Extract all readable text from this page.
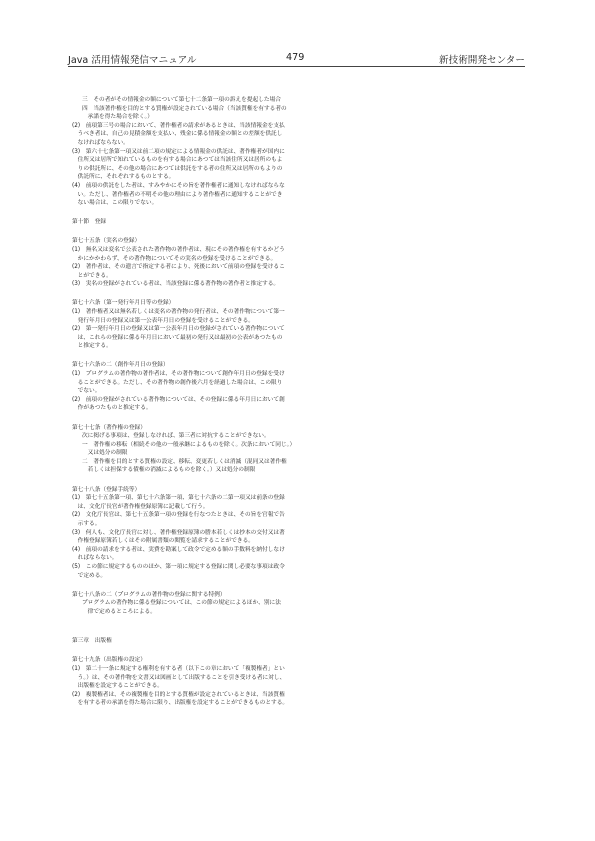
Java 活用情報発信マニュアル	479	新技術開発センター
三　その者がその情報金の額について第七十二条第一項の訴えを提起した場合
四　当該著作権を目的とする質権が設定されている場合（当該質権を有する者の
　承諾を得た場合を除く。）
(2)　前項第三号の場合において、著作権者の請求があるときは、当該情報金を支払
　うべき者は、自己の見積金額を支払い、残金に係る情報金の額との差額を供託し
　なければならない。
(3)　第六十七条第一項又は前二項の規定による情報金の供託は、著作権者が国内に
　住所又は居所で知れているものを有する場合にあつては当該住所又は居所のもよ
　りの供託所に、その他の場合にあつては供託をする者の住所又は居所のもよりの
　供託所に、それぞれするものとする。
(4)　前項の供託をした者は、すみやかにその旨を著作権者に通知しなければならな
　い。ただし、著作権者の不明その他の理由により著作権者に通知することができ
　ない場合は、この限りでない。
第十節　登録
第七十五条（実名の登録）
(1)　無名又は変名で公表された著作物の著作者は、現にその著作権を有するかどう
　かにかかわらず、その著作物についてその実名の登録を受けることができる。
(2)　著作者は、その遺言で指定する者により、死後において前項の登録を受けるこ
　とができる。
(3)　実名の登録がされている者は、当該登録に係る著作物の著作者と推定する。
第七十六条（第一発行年月日等の登録）
(1)　著作権者又は無名若しくは変名の著作物の発行者は、その著作物について第一
　発行年月日の登録又は第一公表年月日の登録を受けることができる。
(2)　第一発行年月日の登録又は第一公表年月日の登録がされている著作物について
　は、これらの登録に係る年月日において最初の発行又は最初の公表があつたもの
　と推定する。
第七十六条の二（創作年月日の登録）
(1)　プログラムの著作物の著作者は、その著作物について創作年月日の登録を受け
　ることができる。ただし、その著作物の創作後六月を経過した場合は、この限り
　でない。
(2)　前項の登録がされている著作物については、その登録に係る年月日において創
　作があつたものと推定する。
第七十七条（著作権の登録）
次に掲げる事項は、登録しなければ、第三者に対抗することができない。
一　著作権の移転（相続その他の一般承継によるものを除く。次条において同じ。）
　又は処分の制限
二　著作権を目的とする質権の設定、移転、変更若しくは消滅（混同又は著作権
　若しくは担保する債権の消滅によるものを除く。）又は処分の制限
第七十八条（登録手続等）
(1)　第七十五条第一項、第七十六条第一項、第七十六条の二第一項又は前条の登録
　は、文化庁長官が著作権登録原簿に記載して行う。
(2)　文化庁長官は、第七十五条第一項の登録を行なつたときは、その旨を官報で告
　示する。
(3)　何人も、文化庁長官に対し、著作権登録原簿の謄本若しくは抄本の交付又は著
　作権登録原簿若しくはその附属書類の閲覧を請求することができる。
(4)　前項の請求をする者は、実費を勘案して政令で定める額の手数料を納付しなけ
　ればならない。
(5)　この節に規定するもののほか、第一項に規定する登録に関し必要な事項は政令
　で定める。
第七十八条の二（プログラムの著作物の登録に関する特例）
プログラムの著作物に係る登録については、この節の規定によるほか、別に法
　律で定めるところによる。
第三章　出版権
第七十九条（出版権の設定）
(1)　第二十一条に規定する権利を有する者（以下この章において「複製権者」とい
　う。）は、その著作物を文書又は図画として出版することを引き受ける者に対し、
　出版権を設定することができる。
(2)　複製権者は、その複製権を目的とする質権が設定されているときは、当該質権
　を有する者の承諾を得た場合に限り、出版権を設定することができるものとする。
